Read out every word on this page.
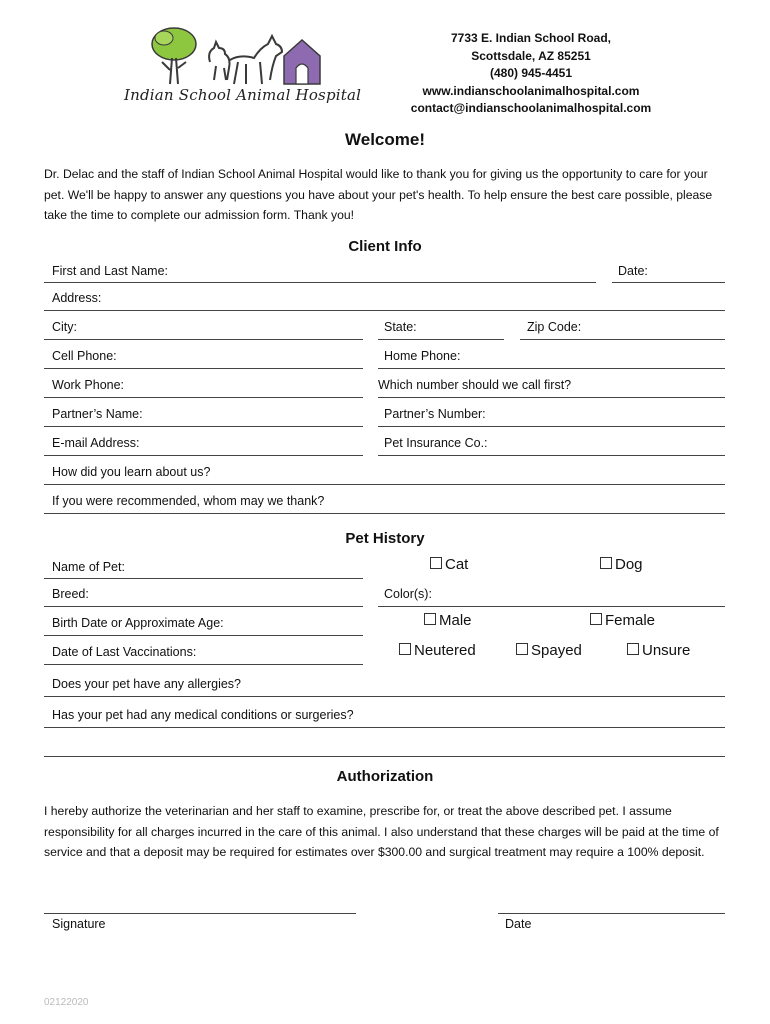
Indian School Animal Hospital
7733 E. Indian School Road,
Scottsdale, AZ 85251
(480) 945-4451
www.indianschoolanimalhospital.com
contact@indianschoolanimalhospital.com
Welcome!
Dr. Delac and the staff of Indian School Animal Hospital would like to thank you for giving us the opportunity to care for your pet. We'll be happy to answer any questions you have about your pet's health. To help ensure the best care possible, please take the time to complete our admission form. Thank you!
Client Info
First and Last Name:	Date:
Address:
City:	State:	Zip Code:
Cell Phone:	Home Phone:
Work Phone:	Which number should we call first?
Partner’s Name:	Partner’s Number:
E-mail Address:	Pet Insurance Co.:
How did you learn about us?
If you were recommended, whom may we thank?
Pet History
Name of Pet:	Cat	Dog
Breed:	Color(s):
Birth Date or Approximate Age:	Male	Female
Date of Last Vaccinations:	Neutered	Spayed	Unsure
Does your pet have any allergies?
Has your pet had any medical conditions or surgeries?
Authorization
I hereby authorize the veterinarian and her staff to examine, prescribe for, or treat the above described pet. I assume responsibility for all charges incurred in the care of this animal. I also understand that these charges will be paid at the time of service and that a deposit may be required for estimates over $300.00 and surgical treatment may require a 100% deposit.
Signature	Date
02122020
